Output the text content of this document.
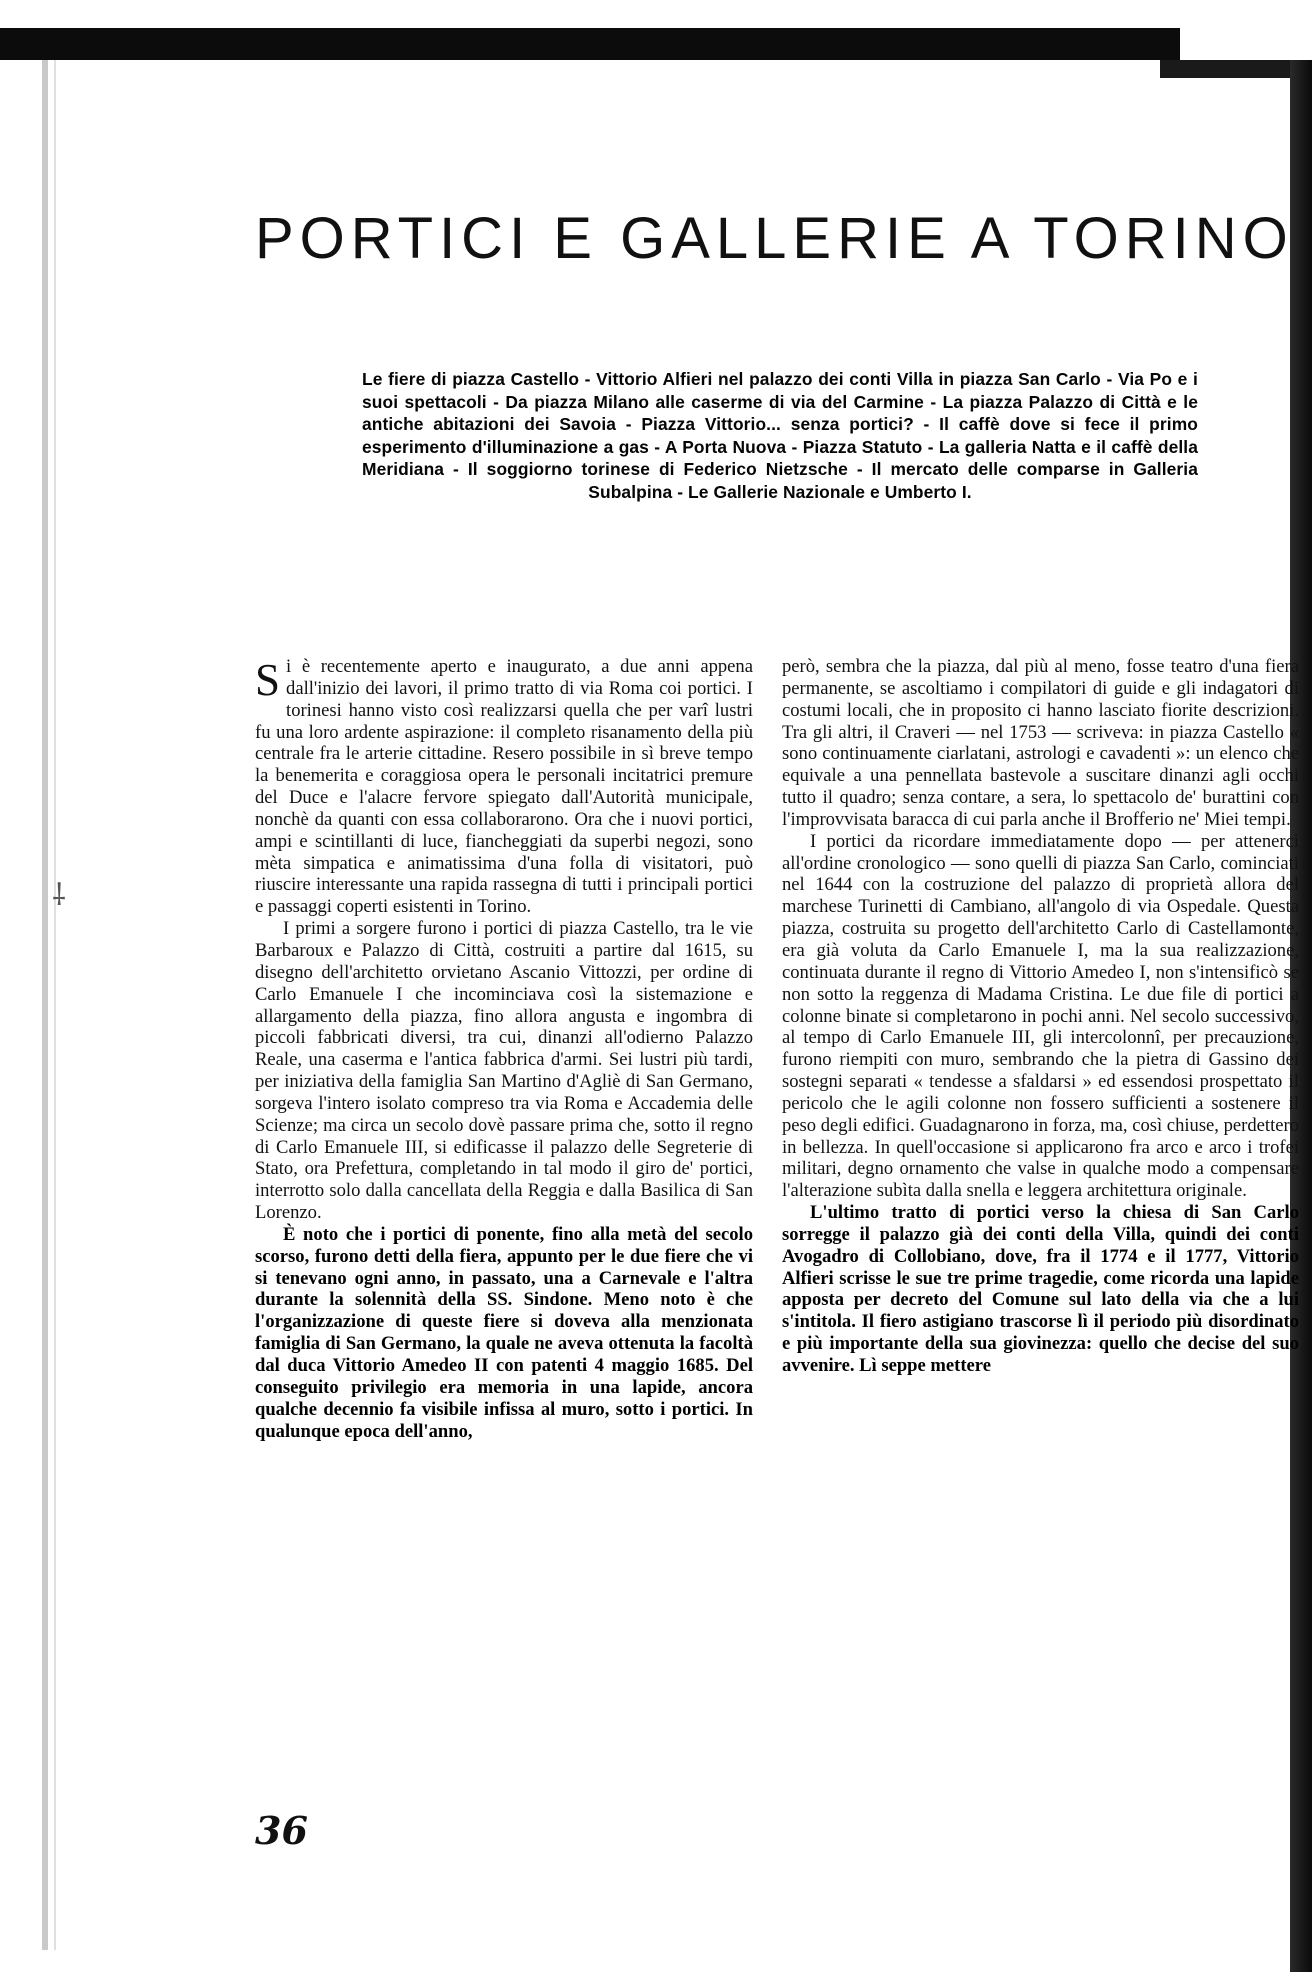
⸸
PORTICI E GALLERIE A TORINO
Le fiere di piazza Castello - Vittorio Alfieri nel palazzo dei conti Villa in piazza San Carlo - Via Po e i suoi spettacoli - Da piazza Milano alle caserme di via del Carmine - La piazza Palazzo di Città e le antiche abitazioni dei Savoia - Piazza Vittorio... senza portici? - Il caffè dove si fece il primo esperimento d'illuminazione a gas - A Porta Nuova - Piazza Statuto - La galleria Natta e il caffè della Meridiana - Il soggiorno torinese di Federico Nietzsche - Il mercato delle comparse in Galleria Subalpina - Le Gallerie Nazionale e Umberto I.

Si è recentemente aperto e inaugurato, a due anni appena dall'inizio dei lavori, il primo tratto di via Roma coi portici. I torinesi hanno visto così realizzarsi quella che per varî lustri fu una loro ardente aspirazione: il completo risanamento della più centrale fra le arterie cittadine. Resero possibile in sì breve tempo la benemerita e coraggiosa opera le personali incitatrici premure del Duce e l'alacre fervore spiegato dall'Autorità municipale, nonchè da quanti con essa collaborarono. Ora che i nuovi portici, ampi e scintillanti di luce, fiancheggiati da superbi negozi, sono mèta simpatica e animatissima d'una folla di visitatori, può riuscire interessante una rapida rassegna di tutti i principali portici e passaggi coperti esistenti in Torino.

I primi a sorgere furono i portici di piazza Castello, tra le vie Barbaroux e Palazzo di Città, costruiti a partire dal 1615, su disegno dell'architetto orvietano Ascanio Vittozzi, per ordine di Carlo Emanuele I che incominciava così la sistemazione e allargamento della piazza, fino allora angusta e ingombra di piccoli fabbricati diversi, tra cui, dinanzi all'odierno Palazzo Reale, una caserma e l'antica fabbrica d'armi. Sei lustri più tardi, per iniziativa della famiglia San Martino d'Agliè di San Germano, sorgeva l'intero isolato compreso tra via Roma e Accademia delle Scienze; ma circa un secolo dovè passare prima che, sotto il regno di Carlo Emanuele III, si edificasse il palazzo delle Segreterie di Stato, ora Prefettura, completando in tal modo il giro de' portici, interrotto solo dalla cancellata della Reggia e dalla Basilica di San Lorenzo.

È noto che i portici di ponente, fino alla metà del secolo scorso, furono detti della fiera, appunto per le due fiere che vi si tenevano ogni anno, in passato, una a Carnevale e l'altra durante la solennità della SS. Sindone. Meno noto è che l'organizzazione di queste fiere si doveva alla menzionata famiglia di San Germano, la quale ne aveva ottenuta la facoltà dal duca Vittorio Amedeo II con patenti 4 maggio 1685. Del conseguito privilegio era memoria in una lapide, ancora qualche decennio fa visibile infissa al muro, sotto i portici. In qualunque epoca dell'anno,

però, sembra che la piazza, dal più al meno, fosse teatro d'una fiera permanente, se ascoltiamo i compilatori di guide e gli indagatori di costumi locali, che in proposito ci hanno lasciato fiorite descrizioni. Tra gli altri, il Craveri — nel 1753 — scriveva: in piazza Castello « sono continuamente ciarlatani, astrologi e cavadenti »: un elenco che equivale a una pennellata bastevole a suscitare dinanzi agli occhi tutto il quadro; senza contare, a sera, lo spettacolo de' burattini con l'improvvisata baracca di cui parla anche il Brofferio ne' Miei tempi.

I portici da ricordare immediatamente dopo — per attenerci all'ordine cronologico — sono quelli di piazza San Carlo, cominciati nel 1644 con la costruzione del palazzo di proprietà allora del marchese Turinetti di Cambiano, all'angolo di via Ospedale. Questa piazza, costruita su progetto dell'architetto Carlo di Castellamonte, era già voluta da Carlo Emanuele I, ma la sua realizzazione, continuata durante il regno di Vittorio Amedeo I, non s'intensificò se non sotto la reggenza di Madama Cristina. Le due file di portici a colonne binate si completarono in pochi anni. Nel secolo successivo, al tempo di Carlo Emanuele III, gli intercolonnî, per precauzione, furono riempiti con muro, sembrando che la pietra di Gassino dei sostegni separati « tendesse a sfaldarsi » ed essendosi prospettato il pericolo che le agili colonne non fossero sufficienti a sostenere il peso degli edifici. Guadagnarono in forza, ma, così chiuse, perdettero in bellezza. In quell'occasione si applicarono fra arco e arco i trofei militari, degno ornamento che valse in qualche modo a compensare l'alterazione subìta dalla snella e leggera architettura originale.

L'ultimo tratto di portici verso la chiesa di San Carlo sorregge il palazzo già dei conti della Villa, quindi dei conti Avogadro di Collobiano, dove, fra il 1774 e il 1777, Vittorio Alfieri scrisse le sue tre prime tragedie, come ricorda una lapide apposta per decreto del Comune sul lato della via che a lui s'intitola. Il fiero astigiano trascorse lì il periodo più disordinato e più importante della sua giovinezza: quello che decise del suo avvenire. Lì seppe mettere

36
